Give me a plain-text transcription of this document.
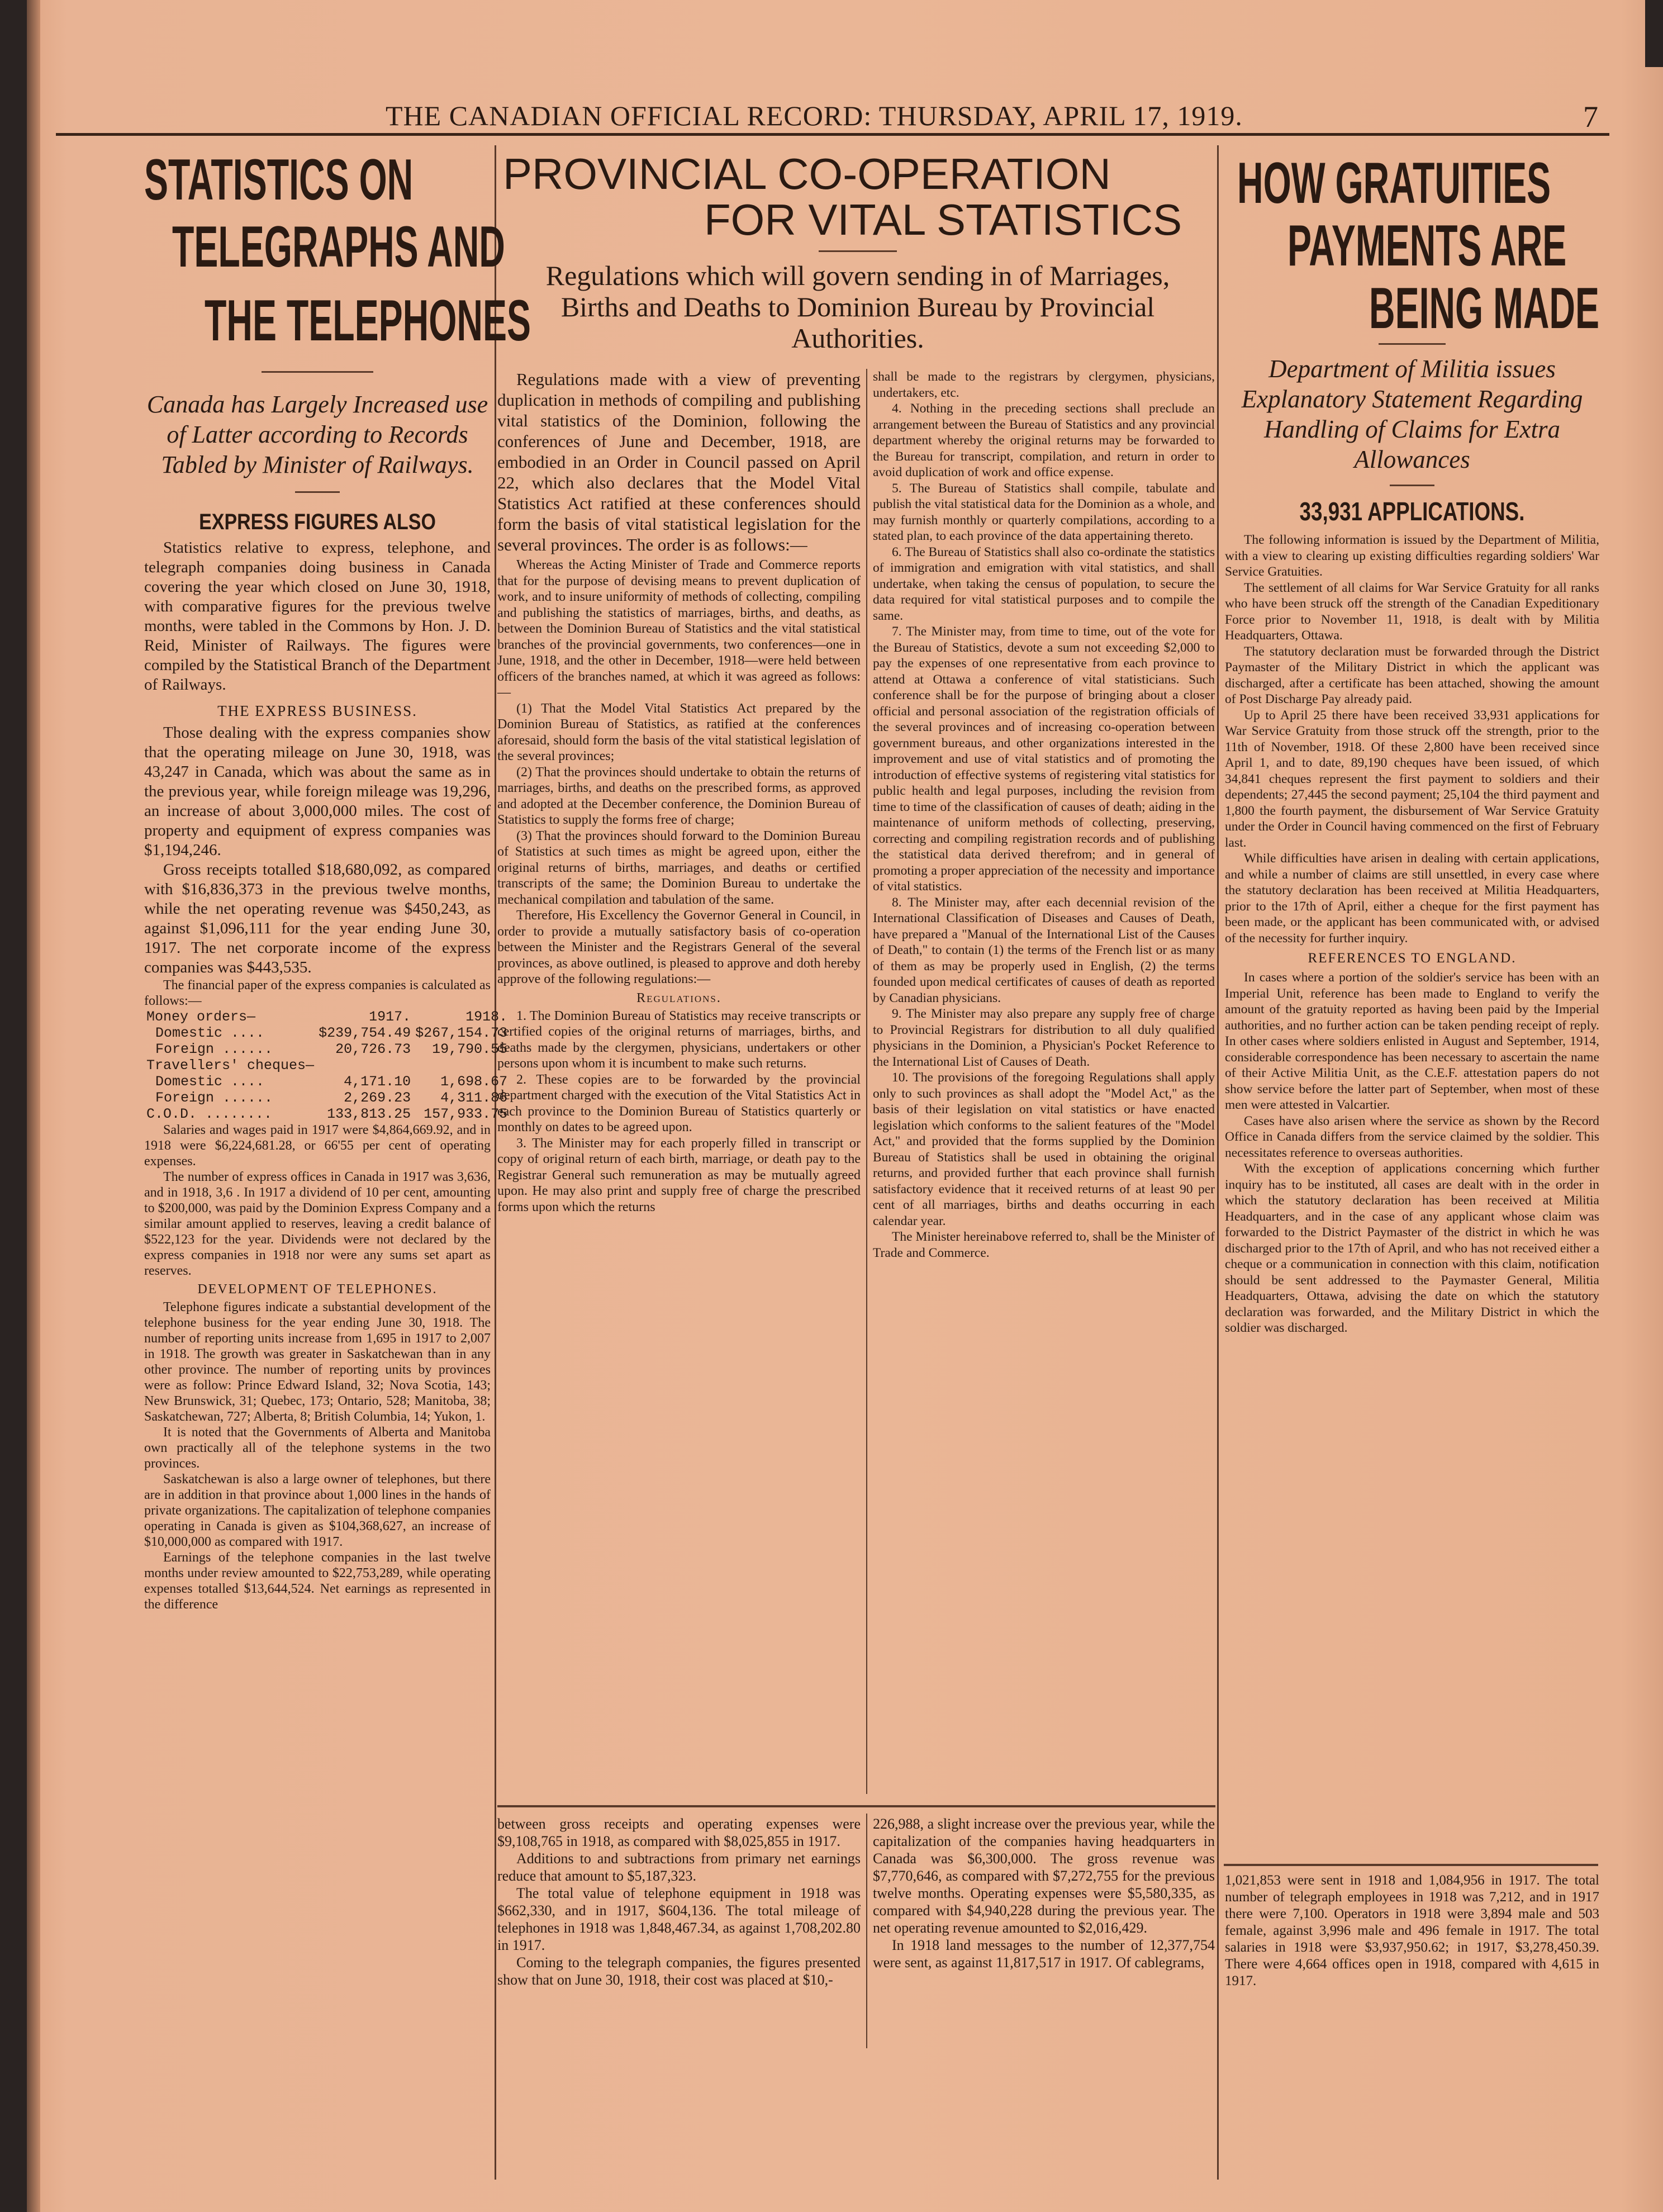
THE CANADIAN OFFICIAL RECORD: THURSDAY, APRIL 17, 1919.	7
STATISTICS ON
TELEGRAPHS AND
THE TELEPHONES

Canada has Largely Increased use of Latter according to Records Tabled by Minister of Railways.

EXPRESS FIGURES ALSO

Statistics relative to express, telephone, and telegraph companies doing business in Canada covering the year which closed on June 30, 1918, with comparative figures for the previous twelve months, were tabled in the Commons by Hon. J. D. Reid, Minister of Railways. The figures were compiled by the Statistical Branch of the Department of Railways.

THE EXPRESS BUSINESS.

Those dealing with the express companies show that the operating mileage on June 30, 1918, was 43,247 in Canada, which was about the same as in the previous year, while foreign mileage was 19,296, an increase of about 3,000,000 miles. The cost of property and equipment of express companies was $1,194,246.

Gross receipts totalled $18,680,092, as compared with $16,836,373 in the previous twelve months, while the net operating revenue was $450,243, as against $1,096,111 for the year ending June 30, 1917. The net corporate income of the express companies was $443,535.

The financial paper of the express companies is calculated as follows:—

Money orders—	1917.	1918.
Domestic ....	$239,754.49	$267,154.73
Foreign ......	20,726.73	19,790.55
Travellers' cheques—		
Domestic ....	4,171.10	1,698.67
Foreign ......	2,269.23	4,311.86
C.O.D. ........	133,813.25	157,933.75

Salaries and wages paid in 1917 were $4,864,669.92, and in 1918 were $6,224,681.28, or 66'55 per cent of operating expenses.

The number of express offices in Canada in 1917 was 3,636, and in 1918, 3,6 . In 1917 a dividend of 10 per cent, amounting to $200,000, was paid by the Dominion Express Company and a similar amount applied to reserves, leaving a credit balance of $522,123 for the year. Dividends were not declared by the express companies in 1918 nor were any sums set apart as reserves.

DEVELOPMENT OF TELEPHONES.

Telephone figures indicate a substantial development of the telephone business for the year ending June 30, 1918. The number of reporting units increase from 1,695 in 1917 to 2,007 in 1918. The growth was greater in Saskatchewan than in any other province. The number of reporting units by provinces were as follow: Prince Edward Island, 32; Nova Scotia, 143; New Brunswick, 31; Quebec, 173; Ontario, 528; Manitoba, 38; Saskatchewan, 727; Alberta, 8; British Columbia, 14; Yukon, 1.

It is noted that the Governments of Alberta and Manitoba own practically all of the telephone systems in the two provinces.

Saskatchewan is also a large owner of telephones, but there are in addition in that province about 1,000 lines in the hands of private organizations. The capitalization of telephone companies operating in Canada is given as $104,368,627, an increase of $10,000,000 as compared with 1917.

Earnings of the telephone companies in the last twelve months under review amounted to $22,753,289, while operating expenses totalled $13,644,524. Net earnings as represented in the difference

PROVINCIAL CO-OPERATION
FOR VITAL STATISTICS

Regulations which will govern sending in of Marriages, Births and Deaths to Dominion Bureau by Provincial Authorities.

Regulations made with a view of preventing duplication in methods of compiling and publishing vital statistics of the Dominion, following the conferences of June and December, 1918, are embodied in an Order in Council passed on April 22, which also declares that the Model Vital Statistics Act ratified at these conferences should form the basis of vital statistical legislation for the several provinces. The order is as follows:—

Whereas the Acting Minister of Trade and Commerce reports that for the purpose of devising means to prevent duplication of work, and to insure uniformity of methods of collecting, compiling and publishing the statistics of marriages, births, and deaths, as between the Dominion Bureau of Statistics and the vital statistical branches of the provincial governments, two conferences—one in June, 1918, and the other in December, 1918—were held between officers of the branches named, at which it was agreed as follows:—

(1) That the Model Vital Statistics Act prepared by the Dominion Bureau of Statistics, as ratified at the conferences aforesaid, should form the basis of the vital statistical legislation of the several provinces;

(2) That the provinces should undertake to obtain the returns of marriages, births, and deaths on the prescribed forms, as approved and adopted at the December conference, the Dominion Bureau of Statistics to supply the forms free of charge;

(3) That the provinces should forward to the Dominion Bureau of Statistics at such times as might be agreed upon, either the original returns of births, marriages, and deaths or certified transcripts of the same; the Dominion Bureau to undertake the mechanical compilation and tabulation of the same.

Therefore, His Excellency the Governor General in Council, in order to provide a mutually satisfactory basis of co-operation between the Minister and the Registrars General of the several provinces, as above outlined, is pleased to approve and doth hereby approve of the following regulations:—

Regulations.

1. The Dominion Bureau of Statistics may receive transcripts or certified copies of the original returns of marriages, births, and deaths made by the clergymen, physicians, undertakers or other persons upon whom it is incumbent to make such returns.

2. These copies are to be forwarded by the provincial department charged with the execution of the Vital Statistics Act in each province to the Dominion Bureau of Statistics quarterly or monthly on dates to be agreed upon.

3. The Minister may for each properly filled in transcript or copy of original return of each birth, marriage, or death pay to the Registrar General such remuneration as may be mutually agreed upon. He may also print and supply free of charge the prescribed forms upon which the returns

shall be made to the registrars by clergymen, physicians, undertakers, etc.

4. Nothing in the preceding sections shall preclude an arrangement between the Bureau of Statistics and any provincial department whereby the original returns may be forwarded to the Bureau for transcript, compilation, and return in order to avoid duplication of work and office expense.

5. The Bureau of Statistics shall compile, tabulate and publish the vital statistical data for the Dominion as a whole, and may furnish monthly or quarterly compilations, according to a stated plan, to each province of the data appertaining thereto.

6. The Bureau of Statistics shall also co-ordinate the statistics of immigration and emigration with vital statistics, and shall undertake, when taking the census of population, to secure the data required for vital statistical purposes and to compile the same.

7. The Minister may, from time to time, out of the vote for the Bureau of Statistics, devote a sum not exceeding $2,000 to pay the expenses of one representative from each province to attend at Ottawa a conference of vital statisticians. Such conference shall be for the purpose of bringing about a closer official and personal association of the registration officials of the several provinces and of increasing co-operation between government bureaus, and other organizations interested in the improvement and use of vital statistics and of promoting the introduction of effective systems of registering vital statistics for public health and legal purposes, including the revision from time to time of the classification of causes of death; aiding in the maintenance of uniform methods of collecting, preserving, correcting and compiling registration records and of publishing the statistical data derived therefrom; and in general of promoting a proper appreciation of the necessity and importance of vital statistics.

8. The Minister may, after each decennial revision of the International Classification of Diseases and Causes of Death, have prepared a "Manual of the International List of the Causes of Death," to contain (1) the terms of the French list or as many of them as may be properly used in English, (2) the terms founded upon medical certificates of causes of death as reported by Canadian physicians.

9. The Minister may also prepare any supply free of charge to Provincial Registrars for distribution to all duly qualified physicians in the Dominion, a Physician's Pocket Reference to the International List of Causes of Death.

10. The provisions of the foregoing Regulations shall apply only to such provinces as shall adopt the "Model Act," as the basis of their legislation on vital statistics or have enacted legislation which conforms to the salient features of the "Model Act," and provided that the forms supplied by the Dominion Bureau of Statistics shall be used in obtaining the original returns, and provided further that each province shall furnish satisfactory evidence that it received returns of at least 90 per cent of all marriages, births and deaths occurring in each calendar year.

The Minister hereinabove referred to, shall be the Minister of Trade and Commerce.

between gross receipts and operating expenses were $9,108,765 in 1918, as compared with $8,025,855 in 1917.

Additions to and subtractions from primary net earnings reduce that amount to $5,187,323.

The total value of telephone equipment in 1918 was $662,330, and in 1917, $604,136. The total mileage of telephones in 1918 was 1,848,467.34, as against 1,708,202.80 in 1917.

Coming to the telegraph companies, the figures presented show that on June 30, 1918, their cost was placed at $10,-

226,988, a slight increase over the previous year, while the capitalization of the companies having headquarters in Canada was $6,300,000. The gross revenue was $7,770,646, as compared with $7,272,755 for the previous twelve months. Operating expenses were $5,580,335, as compared with $4,940,228 during the previous year. The net operating revenue amounted to $2,016,429.

In 1918 land messages to the number of 12,377,754 were sent, as against 11,817,517 in 1917. Of cablegrams,

HOW GRATUITIES
PAYMENTS ARE
BEING MADE

Department of Militia issues Explanatory Statement Regarding Handling of Claims for Extra Allowances

33,931 APPLICATIONS.

The following information is issued by the Department of Militia, with a view to clearing up existing difficulties regarding soldiers' War Service Gratuities.

The settlement of all claims for War Service Gratuity for all ranks who have been struck off the strength of the Canadian Expeditionary Force prior to November 11, 1918, is dealt with by Militia Headquarters, Ottawa.

The statutory declaration must be forwarded through the District Paymaster of the Military District in which the applicant was discharged, after a certificate has been attached, showing the amount of Post Discharge Pay already paid.

Up to April 25 there have been received 33,931 applications for War Service Gratuity from those struck off the strength, prior to the 11th of November, 1918. Of these 2,800 have been received since April 1, and to date, 89,190 cheques have been issued, of which 34,841 cheques represent the first payment to soldiers and their dependents; 27,445 the second payment; 25,104 the third payment and 1,800 the fourth payment, the disbursement of War Service Gratuity under the Order in Council having commenced on the first of February last.

While difficulties have arisen in dealing with certain applications, and while a number of claims are still unsettled, in every case where the statutory declaration has been received at Militia Headquarters, prior to the 17th of April, either a cheque for the first payment has been made, or the applicant has been communicated with, or advised of the necessity for further inquiry.

REFERENCES TO ENGLAND.

In cases where a portion of the soldier's service has been with an Imperial Unit, reference has been made to England to verify the amount of the gratuity reported as having been paid by the Imperial authorities, and no further action can be taken pending receipt of reply. In other cases where soldiers enlisted in August and September, 1914, considerable correspondence has been necessary to ascertain the name of their Active Militia Unit, as the C.E.F. attestation papers do not show service before the latter part of September, when most of these men were attested in Valcartier.

Cases have also arisen where the service as shown by the Record Office in Canada differs from the service claimed by the soldier. This necessitates reference to overseas authorities.

With the exception of applications concerning which further inquiry has to be instituted, all cases are dealt with in the order in which the statutory declaration has been received at Militia Headquarters, and in the case of any applicant whose claim was forwarded to the District Paymaster of the district in which he was discharged prior to the 17th of April, and who has not received either a cheque or a communication in connection with this claim, notification should be sent addressed to the Paymaster General, Militia Headquarters, Ottawa, advising the date on which the statutory declaration was forwarded, and the Military District in which the soldier was discharged.

1,021,853 were sent in 1918 and 1,084,956 in 1917. The total number of telegraph employees in 1918 was 7,212, and in 1917 there were 7,100. Operators in 1918 were 3,894 male and 503 female, against 3,996 male and 496 female in 1917. The total salaries in 1918 were $3,937,950.62; in 1917, $3,278,450.39. There were 4,664 offices open in 1918, compared with 4,615 in 1917.
